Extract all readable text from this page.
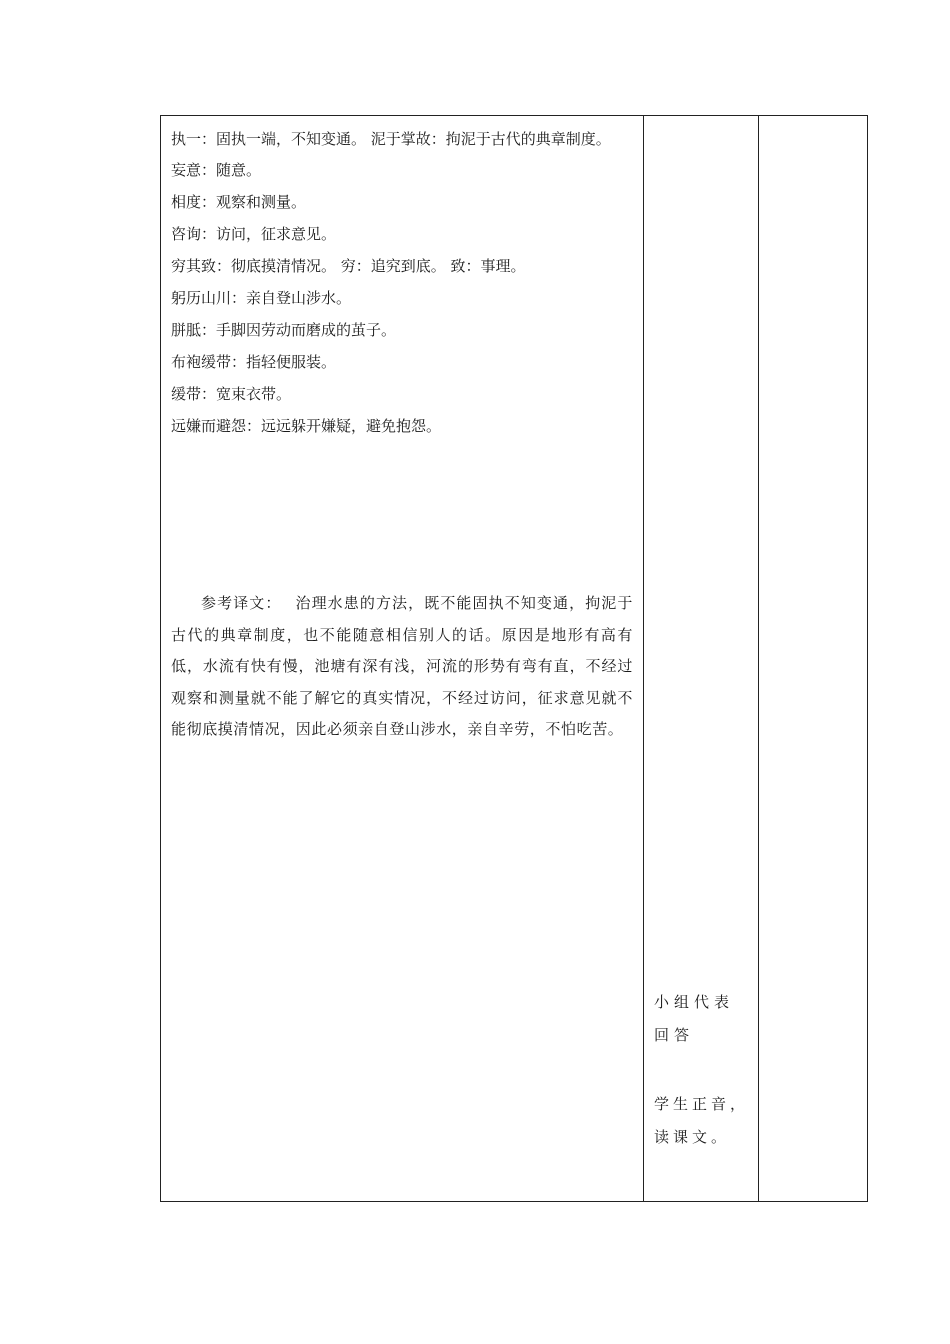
执一：固执一端，不知变通。 泥于掌故：拘泥于古代的典章制度。
妄意：随意。
相度：观察和测量。
咨询：访问，征求意见。
穷其致：彻底摸清情况。 穷：追究到底。 致：事理。
躬历山川：亲自登山涉水。
胼胝：手脚因劳动而磨成的茧子。
布袍缓带：指轻便服装。
缓带：宽束衣带。
远嫌而避怨：远远躲开嫌疑，避免抱怨。

参考译文： 治理水患的方法，既不能固执不知变通，拘泥于古代的典章制度，也不能随意相信别人的话。原因是地形有高有低，水流有快有慢，池塘有深有浅，河流的形势有弯有直，不经过观察和测量就不能了解它的真实情况，不经过访问，征求意见就不能彻底摸清情况，因此必须亲自登山涉水，亲自辛劳，不怕吃苦。

小组代表回答

学生正音，读课文。
